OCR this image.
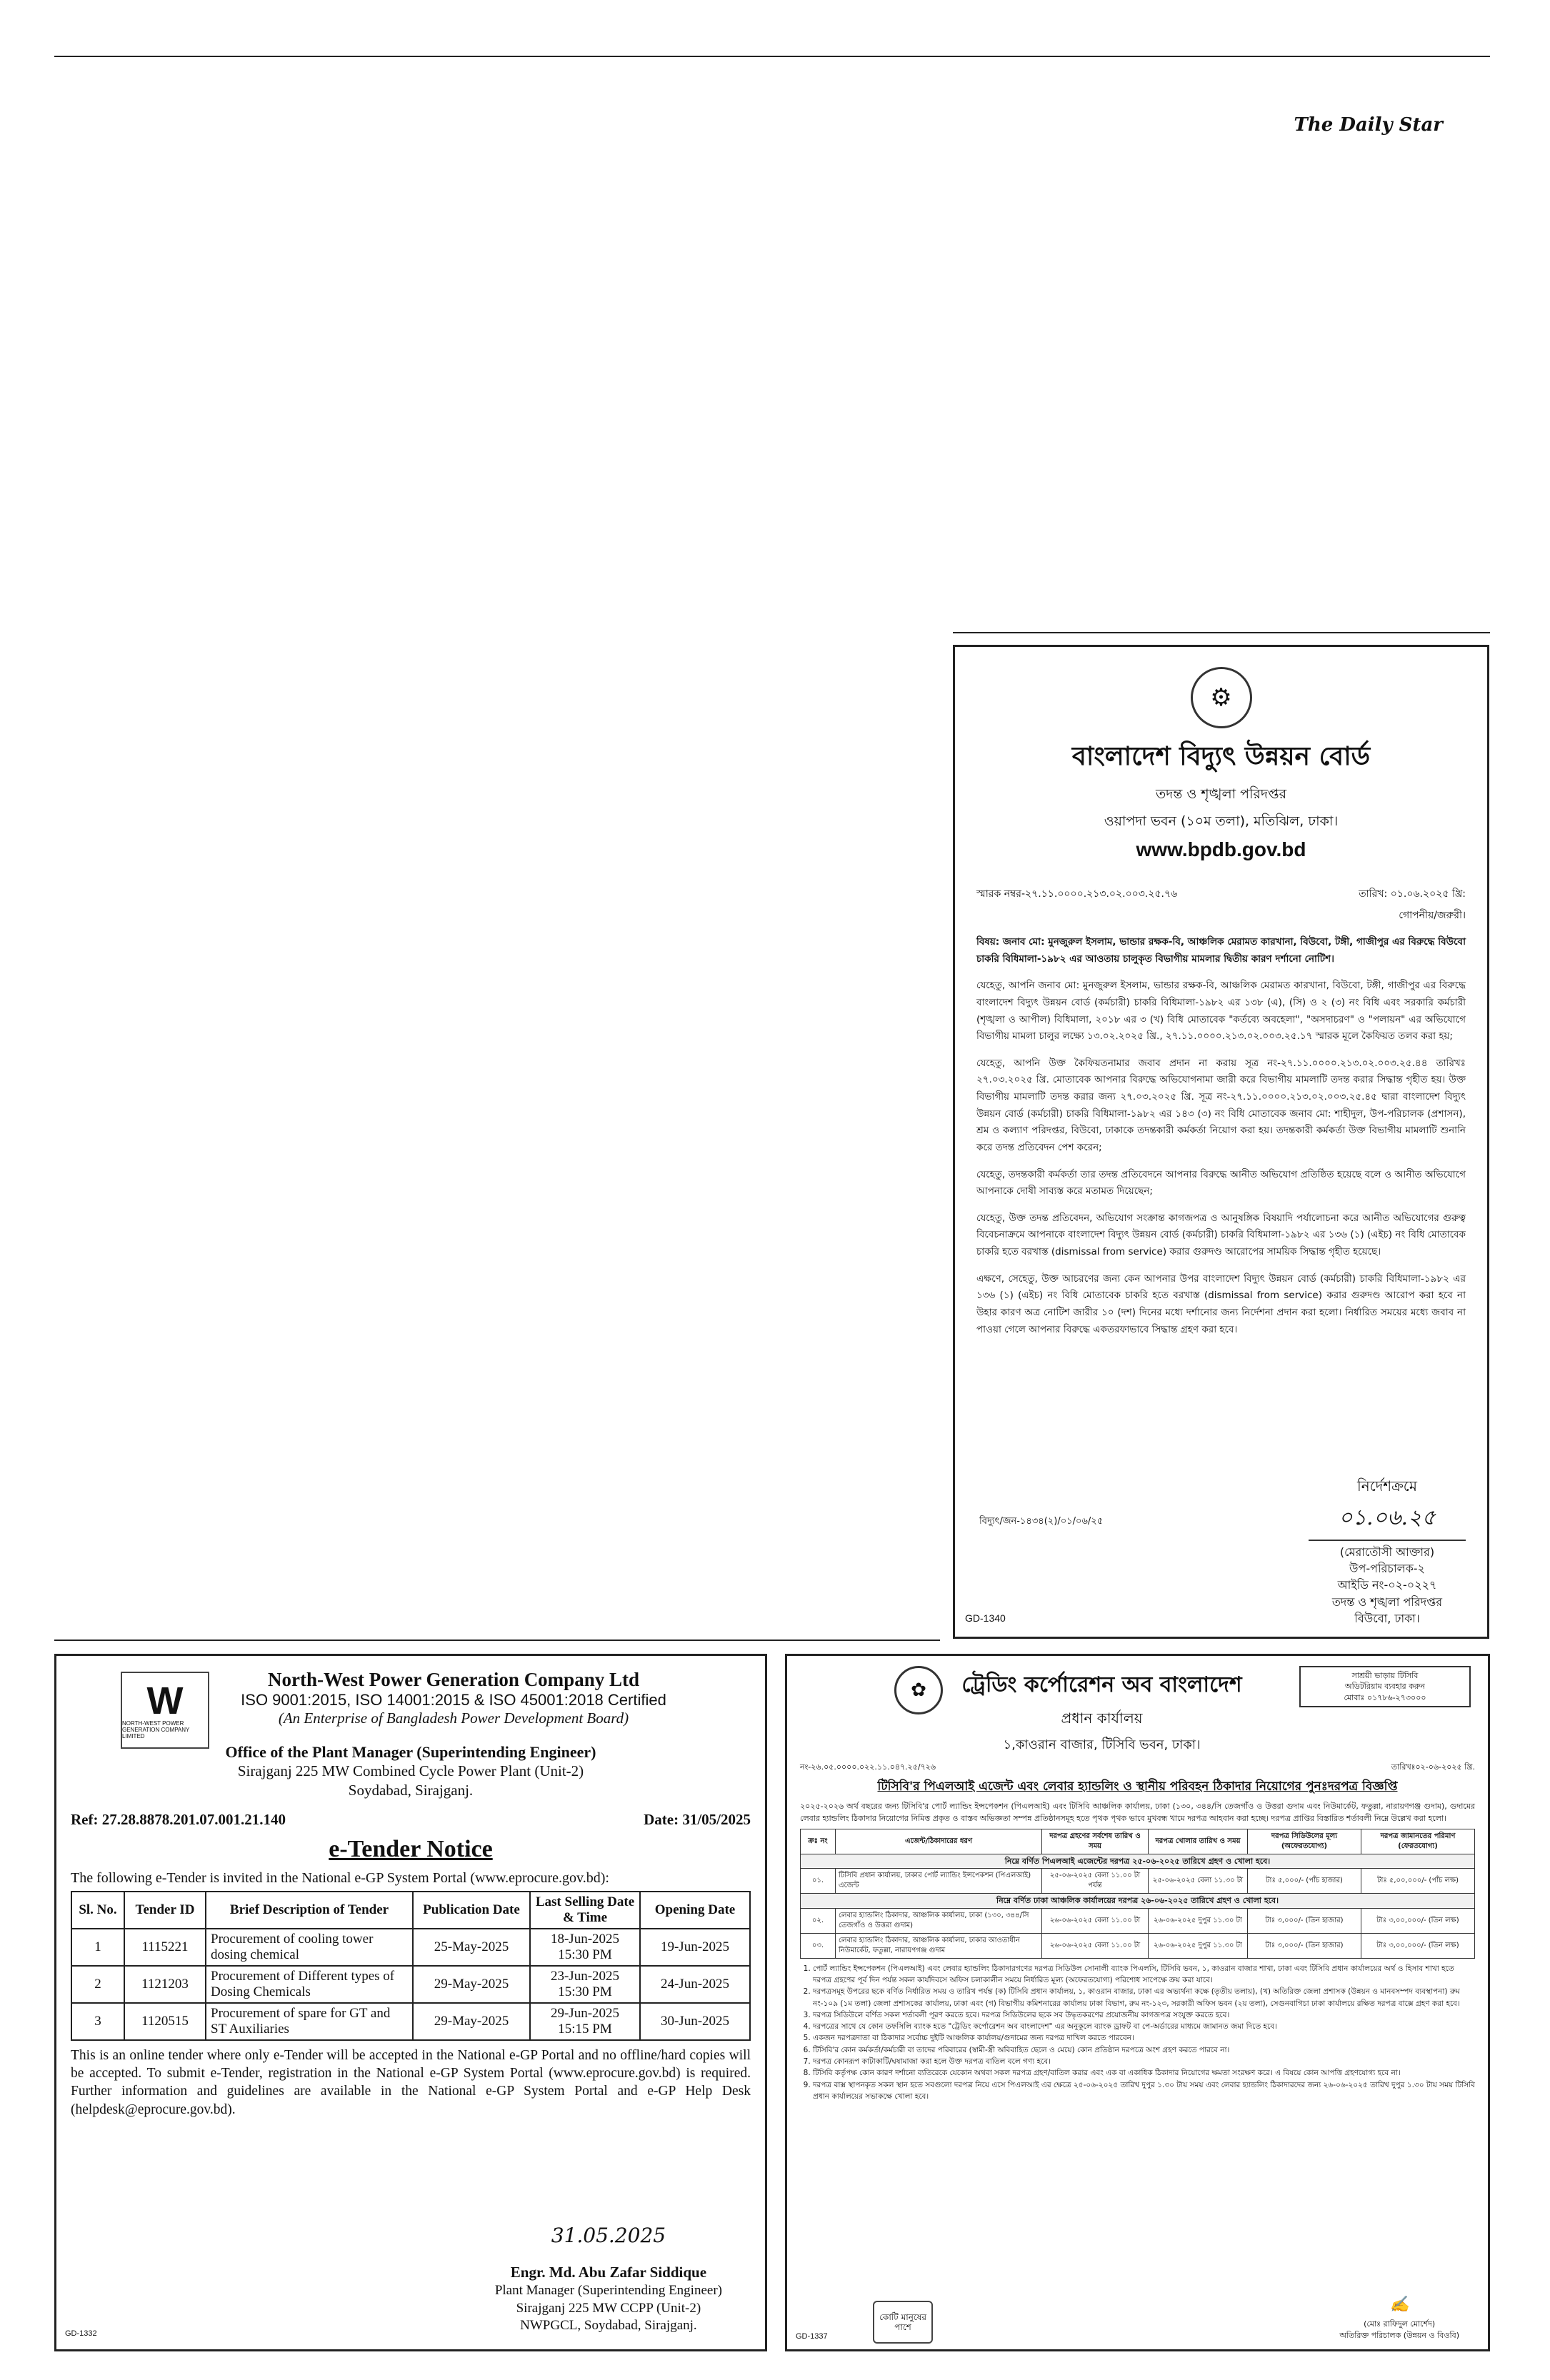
The Daily Star
⚙
বাংলাদেশ বিদ্যুৎ উন্নয়ন বোর্ড
তদন্ত ও শৃঙ্খলা পরিদপ্তর
ওয়াপদা ভবন (১০ম তলা), মতিঝিল, ঢাকা।
www.bpdb.gov.bd
স্মারক নম্বর-২৭.১১.০০০০.২১৩.০২.০০৩.২৫.৭৬	তারিখ: ০১.০৬.২০২৫ খ্রি:
গোপনীয়/জরুরী।

বিষয়: জনাব মো: মুনজুরুল ইসলাম, ভান্ডার রক্ষক-বি, আঞ্চলিক মেরামত কারখানা, বিউবো, টঙ্গী, গাজীপুর এর বিরুদ্ধে বিউবো চাকরি বিধিমালা-১৯৮২ এর আওতায় চালুকৃত বিভাগীয় মামলার দ্বিতীয় কারণ দর্শানো নোটিশ।

যেহেতু, আপনি জনাব মো: মুনজুরুল ইসলাম, ভান্ডার রক্ষক-বি, আঞ্চলিক মেরামত কারখানা, বিউবো, টঙ্গী, গাজীপুর এর বিরুদ্ধে বাংলাদেশ বিদ্যুৎ উন্নয়ন বোর্ড (কর্মচারী) চাকরি বিধিমালা-১৯৮২ এর ১৩৮ (এ), (সি) ও ২ (৩) নং বিধি এবং সরকারি কর্মচারী (শৃঙ্খলা ও আপীল) বিধিমালা, ২০১৮ এর ৩ (খ) বিধি মোতাবেক "কর্তব্যে অবহেলা", "অসদাচরণ" ও "পলায়ন" এর অভিযোগে বিভাগীয় মামলা চালুর লক্ষ্যে ১৩.০২.২০২৫ খ্রি., ২৭.১১.০০০০.২১৩.০২.০০৩.২৫.১৭ স্মারক মূলে কৈফিয়ত তলব করা হয়;

যেহেতু, আপনি উক্ত কৈফিয়তনামার জবাব প্রদান না করায় সূত্র নং-২৭.১১.০০০০.২১৩.০২.০০৩.২৫.৪৪ তারিখঃ ২৭.০৩.২০২৫ খ্রি. মোতাবেক আপনার বিরুদ্ধে অভিযোগনামা জারী করে বিভাগীয় মামলাটি তদন্ত করার সিদ্ধান্ত গৃহীত হয়। উক্ত বিভাগীয় মামলাটি তদন্ত করার জন্য ২৭.০৩.২০২৫ খ্রি. সূত্র নং-২৭.১১.০০০০.২১৩.০২.০০৩.২৫.৪৫ দ্বারা বাংলাদেশ বিদ্যুৎ উন্নয়ন বোর্ড (কর্মচারী) চাকরি বিধিমালা-১৯৮২ এর ১৪৩ (৩) নং বিধি মোতাবেক জনাব মো: শাহীদুল, উপ-পরিচালক (প্রশাসন), শ্রম ও কল্যাণ পরিদপ্তর, বিউবো, ঢাকাকে তদন্তকারী কর্মকর্তা নিয়োগ করা হয়। তদন্তকারী কর্মকর্তা উক্ত বিভাগীয় মামলাটি শুনানি করে তদন্ত প্রতিবেদন পেশ করেন;

যেহেতু, তদন্তকারী কর্মকর্তা তার তদন্ত প্রতিবেদনে আপনার বিরুদ্ধে আনীত অভিযোগ প্রতিষ্ঠিত হয়েছে বলে ও আনীত অভিযোগে আপনাকে দোষী সাব্যস্ত করে মতামত দিয়েছেন;

যেহেতু, উক্ত তদন্ত প্রতিবেদন, অভিযোগ সংক্রান্ত কাগজপত্র ও আনুষঙ্গিক বিষয়াদি পর্যালোচনা করে আনীত অভিযোগের গুরুত্ব বিবেচনাক্রমে আপনাকে বাংলাদেশ বিদ্যুৎ উন্নয়ন বোর্ড (কর্মচারী) চাকরি বিধিমালা-১৯৮২ এর ১৩৬ (১) (এইচ) নং বিধি মোতাবেক চাকরি হতে বরখাস্ত (dismissal from service) করার গুরুদণ্ড আরোপের সাময়িক সিদ্ধান্ত গৃহীত হয়েছে।

এক্ষণে, সেহেতু, উক্ত আচরণের জন্য কেন আপনার উপর বাংলাদেশ বিদ্যুৎ উন্নয়ন বোর্ড (কর্মচারী) চাকরি বিধিমালা-১৯৮২ এর ১৩৬ (১) (এইচ) নং বিধি মোতাবেক চাকরি হতে বরখাস্ত (dismissal from service) করার গুরুদণ্ড আরোপ করা হবে না উহার কারণ অত্র নোটিশ জারীর ১০ (দশ) দিনের মধ্যে দর্শানোর জন্য নির্দেশনা প্রদান করা হলো। নির্ধারিত সময়ের মধ্যে জবাব না পাওয়া গেলে আপনার বিরুদ্ধে একতরফাভাবে সিদ্ধান্ত গ্রহণ করা হবে।

বিদ্যুৎ/জন-১৪৩৪(২)/০১/০৬/২৫
নির্দেশক্রমে
০১.০৬.২৫
(মেরাতৌসী আক্তার)
উপ-পরিচালক-২
আইডি নং-০২-০২২৭
তদন্ত ও শৃঙ্খলা পরিদপ্তর
বিউবো, ঢাকা।
GD-1340
W
NORTH-WEST POWER GENERATION COMPANY LIMITED
North-West Power Generation Company Ltd
ISO 9001:2015, ISO 14001:2015 & ISO 45001:2018 Certified
(An Enterprise of Bangladesh Power Development Board)
Office of the Plant Manager (Superintending Engineer)
Sirajganj 225 MW Combined Cycle Power Plant (Unit-2)
Soydabad, Sirajganj.
Ref: 27.28.8878.201.07.001.21.140	Date: 31/05/2025
e-Tender Notice
The following e-Tender is invited in the National e-GP System Portal (www.eprocure.gov.bd):
Sl. No.	Tender ID	Brief Description of Tender	Publication Date	Last Selling Date & Time	Opening Date
1	1115221	Procurement of cooling tower dosing chemical	25-May-2025	18-Jun-2025 15:30 PM	19-Jun-2025
2	1121203	Procurement of Different types of Dosing Chemicals	29-May-2025	23-Jun-2025 15:30 PM	24-Jun-2025
3	1120515	Procurement of spare for GT and ST Auxiliaries	29-May-2025	29-Jun-2025 15:15 PM	30-Jun-2025
This is an online tender where only e-Tender will be accepted in the National e-GP Portal and no offline/hard copies will be accepted. To submit e-Tender, registration in the National e-GP System Portal (www.eprocure.gov.bd) is required. Further information and guidelines are available in the National e-GP System Portal and e-GP Help Desk (helpdesk@eprocure.gov.bd).
31.05.2025
Engr. Md. Abu Zafar Siddique
Plant Manager (Superintending Engineer)
Sirajganj 225 MW CCPP (Unit-2)
NWPGCL, Soydabad, Sirajganj.
GD-1332
✿
সাশ্রয়ী ভাড়ায় টিসিবি
অডিটরিয়াম ব্যবহার করুন
মোবাঃ ০১৭৮৬-২৭৩০০০
ট্রেডিং কর্পোরেশন অব বাংলাদেশ
প্রধান কার্যালয়
১,কাওরান বাজার, টিসিবি ভবন, ঢাকা।
নং-২৬.০৫.০০০০.০২২.১১.০৪৭.২৫/৭২৬	তারিখঃ০২-০৬-২০২৫ খ্রি.
টিসিবি'র পিএলআই এজেন্ট এবং লেবার হ্যান্ডলিং ও স্থানীয় পরিবহন ঠিকাদার নিয়োগের পুনঃদরপত্র বিজ্ঞপ্তি

২০২৫-২০২৬ অর্থ বছরের জন্য টিসিবি'র পোর্ট ল্যান্ডিং ইন্সপেকশন (পিএলআই) এবং টিসিবি আঞ্চলিক কার্যালয়, ঢাকা (১৩০, ৩৪৪/সি তেজগাঁও ও উত্তরা গুদাম এবং নিউমার্কেট, ফতুল্লা, নারায়ণগঞ্জ গুদাম), গুদামের লেবার হ্যান্ডলিং ঠিকাদার নিয়োগের নিমিত্ত প্রকৃত ও বাস্তব অভিজ্ঞতা সম্পন্ন প্রতিষ্ঠানসমূহ হতে পৃথক পৃথক ভাবে মুখবন্ধ খামে দরপত্র আহবান করা হচ্ছে। দরপত্র প্রাপ্তির বিস্তারিত শর্তাবলী নিম্নে উল্লেখ করা হলো।

ক্রঃ নং	এজেন্ট/ঠিকাদারের ধরণ	দরপত্র গ্রহণের সর্বশেষ তারিখ ও সময়	দরপত্র খোলার তারিখ ও সময়	দরপত্র সিডিউলের মূল্য (অফেরতযোগ্য)	দরপত্র জামানতের পরিমাণ (ফেরতযোগ্য)
নিম্নে বর্ণিত পিএলআই এজেন্টের দরপত্র ২৫-০৬-২০২৫ তারিখে গ্রহণ ও খোলা হবে।					
০১.	টিসিবি প্রধান কার্যালয়, ঢাকার পোর্ট ল্যান্ডিং ইন্সপেকশন (পিএলআই) এজেন্ট	২৫-০৬-২০২৫ বেলা ১১.০০ টা পর্যন্ত	২৫-০৬-২০২৫ বেলা ১১.৩০ টা	টাঃ ৫,০০০/- (পাঁচ হাজার)	টাঃ ৫,০০,০০০/- (পাঁচ লক্ষ)
নিম্নে বর্ণিত ঢাকা আঞ্চলিক কার্যালয়ের দরপত্র ২৬-০৬-২০২৫ তারিখে গ্রহণ ও খোলা হবে।					
০২.	লেবার হ্যান্ডলিং ঠিকাদার, আঞ্চলিক কার্যালয়, ঢাকা (১৩০, ৩৪৪/সি তেজগাঁও ও উত্তরা গুদাম)	২৬-০৬-২০২৫ বেলা ১১.০০ টা	২৬-০৬-২০২৫ দুপুর ১১.৩০ টা	টাঃ ৩,০০০/- (তিন হাজার)	টাঃ ৩,০০,০০০/- (তিন লক্ষ)
০৩.	লেবার হ্যান্ডলিং ঠিকাদার, আঞ্চলিক কার্যালয়, ঢাকার আওতাধীন নিউমার্কেট, ফতুল্লা, নারায়ণগঞ্জ গুদাম	২৬-০৬-২০২৫ বেলা ১১.০০ টা	২৬-০৬-২০২৫ দুপুর ১১.৩০ টা	টাঃ ৩,০০০/- (তিন হাজার)	টাঃ ৩,০০,০০০/- (তিন লক্ষ)
1. পোর্ট ল্যান্ডিং ইন্সপেকশন (পিএলআই) এবং লেবার হ্যান্ডলিং ঠিকাদারগণের দরপত্র সিডিউল সোনালী ব্যাংক পিএলসি, টিসিবি ভবন, ১, কাওরান বাজার শাখা, ঢাকা এবং টিসিবি প্রধান কার্যালয়ের অর্থ ও হিসাব শাখা হতে দরপত্র গ্রহণের পূর্ব দিন পর্যন্ত সকল কার্যদিবসে অফিস চলাকালীন সময়ে নির্ধারিত মূল্য (অফেরতযোগ্য) পরিশোধ সাপেক্ষে ক্রয় করা যাবে।
2. দরপত্রসমূহ উপরের ছকে বর্ণিত নির্ধারিত সময় ও তারিখ পর্যন্ত (ক) টিসিবি প্রধান কার্যালয়, ১, কাওরান বাজার, ঢাকা এর অভ্যর্থনা কক্ষে (তৃতীয় তলায়), (খ) অতিরিক্ত জেলা প্রশাসক (উন্নয়ন ও মানবসম্পদ ব্যবস্থাপনা) রুম নং-১০৯ (১ম তলা) জেলা প্রশাসকের কার্যালয়, ঢাকা এবং (গ) বিভাগীয় কমিশনারের কার্যালয় ঢাকা বিভাগ, রুম নং-১২৩, সরকারী অফিস ভবন (২য় তলা), সেগুনবাগিচা ঢাকা কার্যালয়ে রক্ষিত দরপত্র বাক্সে গ্রহণ করা হবে।
3. দরপত্র সিডিউলে বর্ণিত সকল শর্তাবলী পূরণ করতে হবে। দরপত্র সিডিউলের ছকে সব উদ্ধৃতকরণের প্রয়োজনীয় কাগজপত্র সংযুক্ত করতে হবে।
4. দরপত্রের সাথে যে কোন তফসিলি ব্যাংক হতে "ট্রেডিং কর্পোরেশন অব বাংলাদেশ" এর অনুকূলে ব্যাংক ড্রাফট বা পে-অর্ডারের মাধ্যমে জামানত জমা দিতে হবে।
5. একজন দরপত্রদাতা বা ঠিকাদার সর্বোচ্চ দুইটি আঞ্চলিক কার্যালয়/গুদামের জন্য দরপত্র দাখিল করতে পারবেন।
6. টিসিবি'র কোন কর্মকর্তা/কর্মচারী বা তাদের পরিবারের (স্বামী-স্ত্রী অবিবাহিত ছেলে ও মেয়ে) কোন প্রতিষ্ঠান দরপত্রে অংশ গ্রহণ করতে পারবে না।
7. দরপত্র কোনরূপ কাটাকাটি/ঘষামাজা করা হলে উক্ত দরপত্র বাতিল বলে গণ্য হবে।
8. টিসিবি কর্তৃপক্ষ কোন কারণ দর্শানো ব্যতিরেকে যেকোন অথবা সকল দরপত্র গ্রহণ/বাতিল করার এবং এক বা একাধিক ঠিকাদার নিয়োগের ক্ষমতা সংরক্ষণ করে। এ বিষয়ে কোন আপত্তি গ্রহণযোগ্য হবে না।
9. দরপত্র বাক্স স্থাপনকৃত সকল স্থান হতে সবগুলো দরপত্র নিয়ে এসে পিএলআই এর ক্ষেত্রে ২৫-০৬-২০২৫ তারিখ দুপুর ১.৩০ টায় সময় এবং লেবার হ্যান্ডলিং ঠিকাদারদের জন্য ২৬-০৬-২০২৫ তারিখ দুপুর ১.৩০ টায় সময় টিসিবি প্রধান কার্যালয়ের সভাকক্ষে খোলা হবে।
✍
(মোঃ রাফিদুল মোর্শেদ)
অতিরিক্ত পরিচালক (উন্নয়ন ও বিওবি)
কোটি মানুষের পাশে
GD-1337
